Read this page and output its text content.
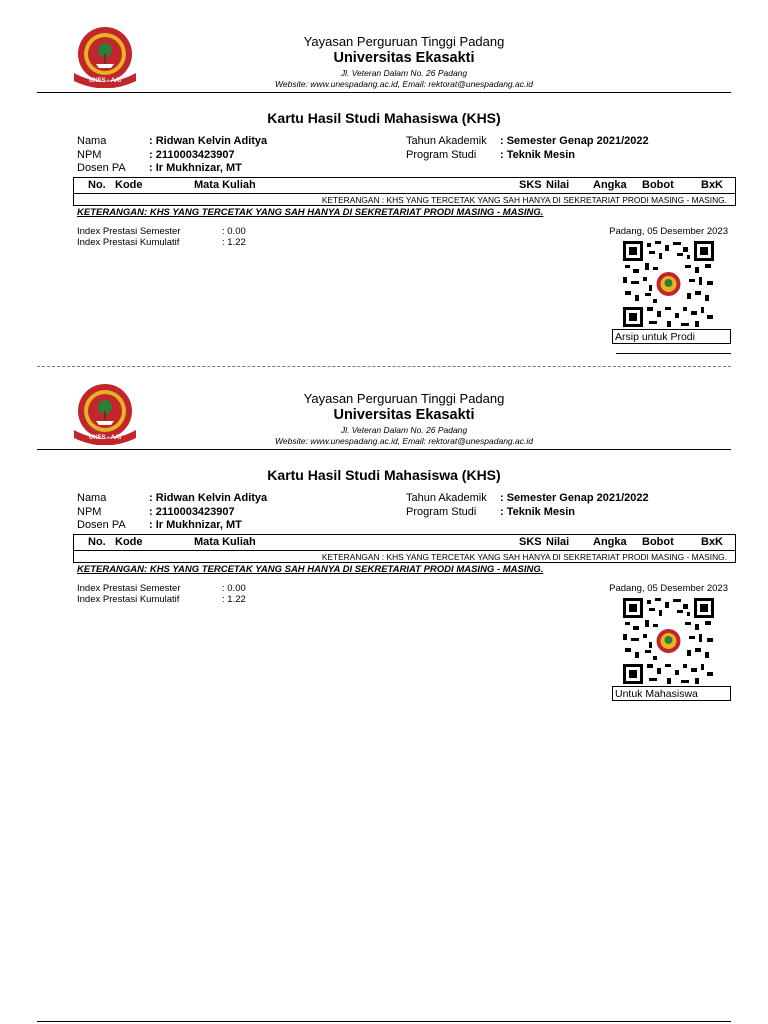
UNES - AAI
Yayasan Perguruan Tinggi Padang
Universitas Ekasakti
Jl. Veteran Dalam No. 26 Padang
Website: www.unespadang.ac.id, Email: rektorat@unespadang.ac.id
Kartu Hasil Studi Mahasiswa (KHS)
Nama	: Ridwan Kelvin Aditya
NPM	: 2110003423907
Dosen PA : Ir Mukhnizar, MT
Tahun Akademik : Semester Genap 2021/2022
Program Studi : Teknik Mesin
No. Kode	Mata Kuliah	SKS Nilai Angka Bobot BxK
KETERANGAN : KHS YANG TERCETAK YANG SAH HANYA DI SEKRETARIAT PRODI MASING - MASING.
KETERANGAN: KHS YANG TERCETAK YANG SAH HANYA DI SEKRETARIAT PRODI MASING - MASING.
Index Prestasi Semester	: 0.00
Index Prestasi Kumulatif	: 1.22
Padang, 05 Desember 2023
Arsip untuk Prodi
UNES - AAI
Yayasan Perguruan Tinggi Padang
Universitas Ekasakti
Jl. Veteran Dalam No. 26 Padang
Website: www.unespadang.ac.id, Email: rektorat@unespadang.ac.id
Kartu Hasil Studi Mahasiswa (KHS)
Nama	: Ridwan Kelvin Aditya
NPM	: 2110003423907
Dosen PA : Ir Mukhnizar, MT
Tahun Akademik : Semester Genap 2021/2022
Program Studi : Teknik Mesin
No. Kode	Mata Kuliah	SKS Nilai Angka Bobot BxK
KETERANGAN : KHS YANG TERCETAK YANG SAH HANYA DI SEKRETARIAT PRODI MASING - MASING.
KETERANGAN: KHS YANG TERCETAK YANG SAH HANYA DI SEKRETARIAT PRODI MASING - MASING.
Index Prestasi Semester	: 0.00
Index Prestasi Kumulatif	: 1.22
Padang, 05 Desember 2023
Untuk Mahasiswa
